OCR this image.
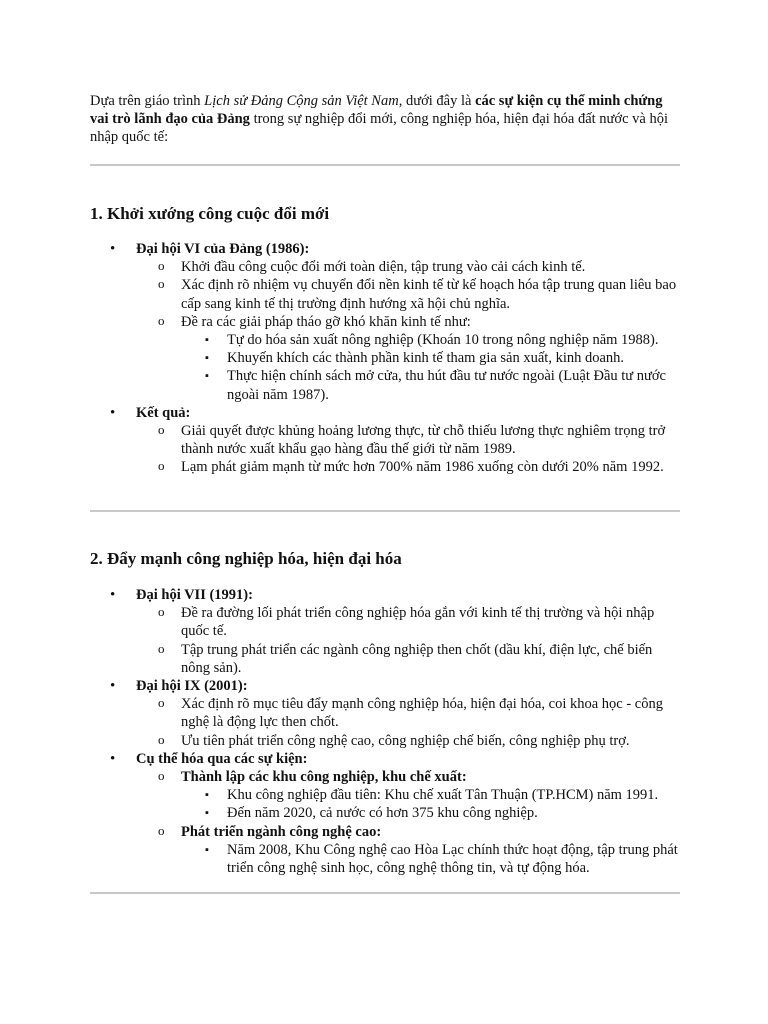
Dựa trên giáo trình Lịch sử Đảng Cộng sản Việt Nam, dưới đây là các sự kiện cụ thể minh chứng vai trò lãnh đạo của Đảng trong sự nghiệp đổi mới, công nghiệp hóa, hiện đại hóa đất nước và hội nhập quốc tế:

1. Khởi xướng công cuộc đổi mới
• Đại hội VI của Đảng (1986):
o Khởi đầu công cuộc đổi mới toàn diện, tập trung vào cải cách kinh tế.
o Xác định rõ nhiệm vụ chuyển đổi nền kinh tế từ kế hoạch hóa tập trung quan liêu bao cấp sang kinh tế thị trường định hướng xã hội chủ nghĩa.
o Đề ra các giải pháp tháo gỡ khó khăn kinh tế như:
▪ Tự do hóa sản xuất nông nghiệp (Khoán 10 trong nông nghiệp năm 1988).
▪ Khuyến khích các thành phần kinh tế tham gia sản xuất, kinh doanh.
▪ Thực hiện chính sách mở cửa, thu hút đầu tư nước ngoài (Luật Đầu tư nước ngoài năm 1987).
• Kết quả:
o Giải quyết được khủng hoảng lương thực, từ chỗ thiếu lương thực nghiêm trọng trở thành nước xuất khẩu gạo hàng đầu thế giới từ năm 1989.
o Lạm phát giảm mạnh từ mức hơn 700% năm 1986 xuống còn dưới 20% năm 1992.
2. Đẩy mạnh công nghiệp hóa, hiện đại hóa
• Đại hội VII (1991):
o Đề ra đường lối phát triển công nghiệp hóa gắn với kinh tế thị trường và hội nhập quốc tế.
o Tập trung phát triển các ngành công nghiệp then chốt (dầu khí, điện lực, chế biến nông sản).
• Đại hội IX (2001):
o Xác định rõ mục tiêu đẩy mạnh công nghiệp hóa, hiện đại hóa, coi khoa học - công nghệ là động lực then chốt.
o Ưu tiên phát triển công nghệ cao, công nghiệp chế biến, công nghiệp phụ trợ.
• Cụ thể hóa qua các sự kiện:
o Thành lập các khu công nghiệp, khu chế xuất:
▪ Khu công nghiệp đầu tiên: Khu chế xuất Tân Thuận (TP.HCM) năm 1991.
▪ Đến năm 2020, cả nước có hơn 375 khu công nghiệp.
o Phát triển ngành công nghệ cao:
▪ Năm 2008, Khu Công nghệ cao Hòa Lạc chính thức hoạt động, tập trung phát triển công nghệ sinh học, công nghệ thông tin, và tự động hóa.
